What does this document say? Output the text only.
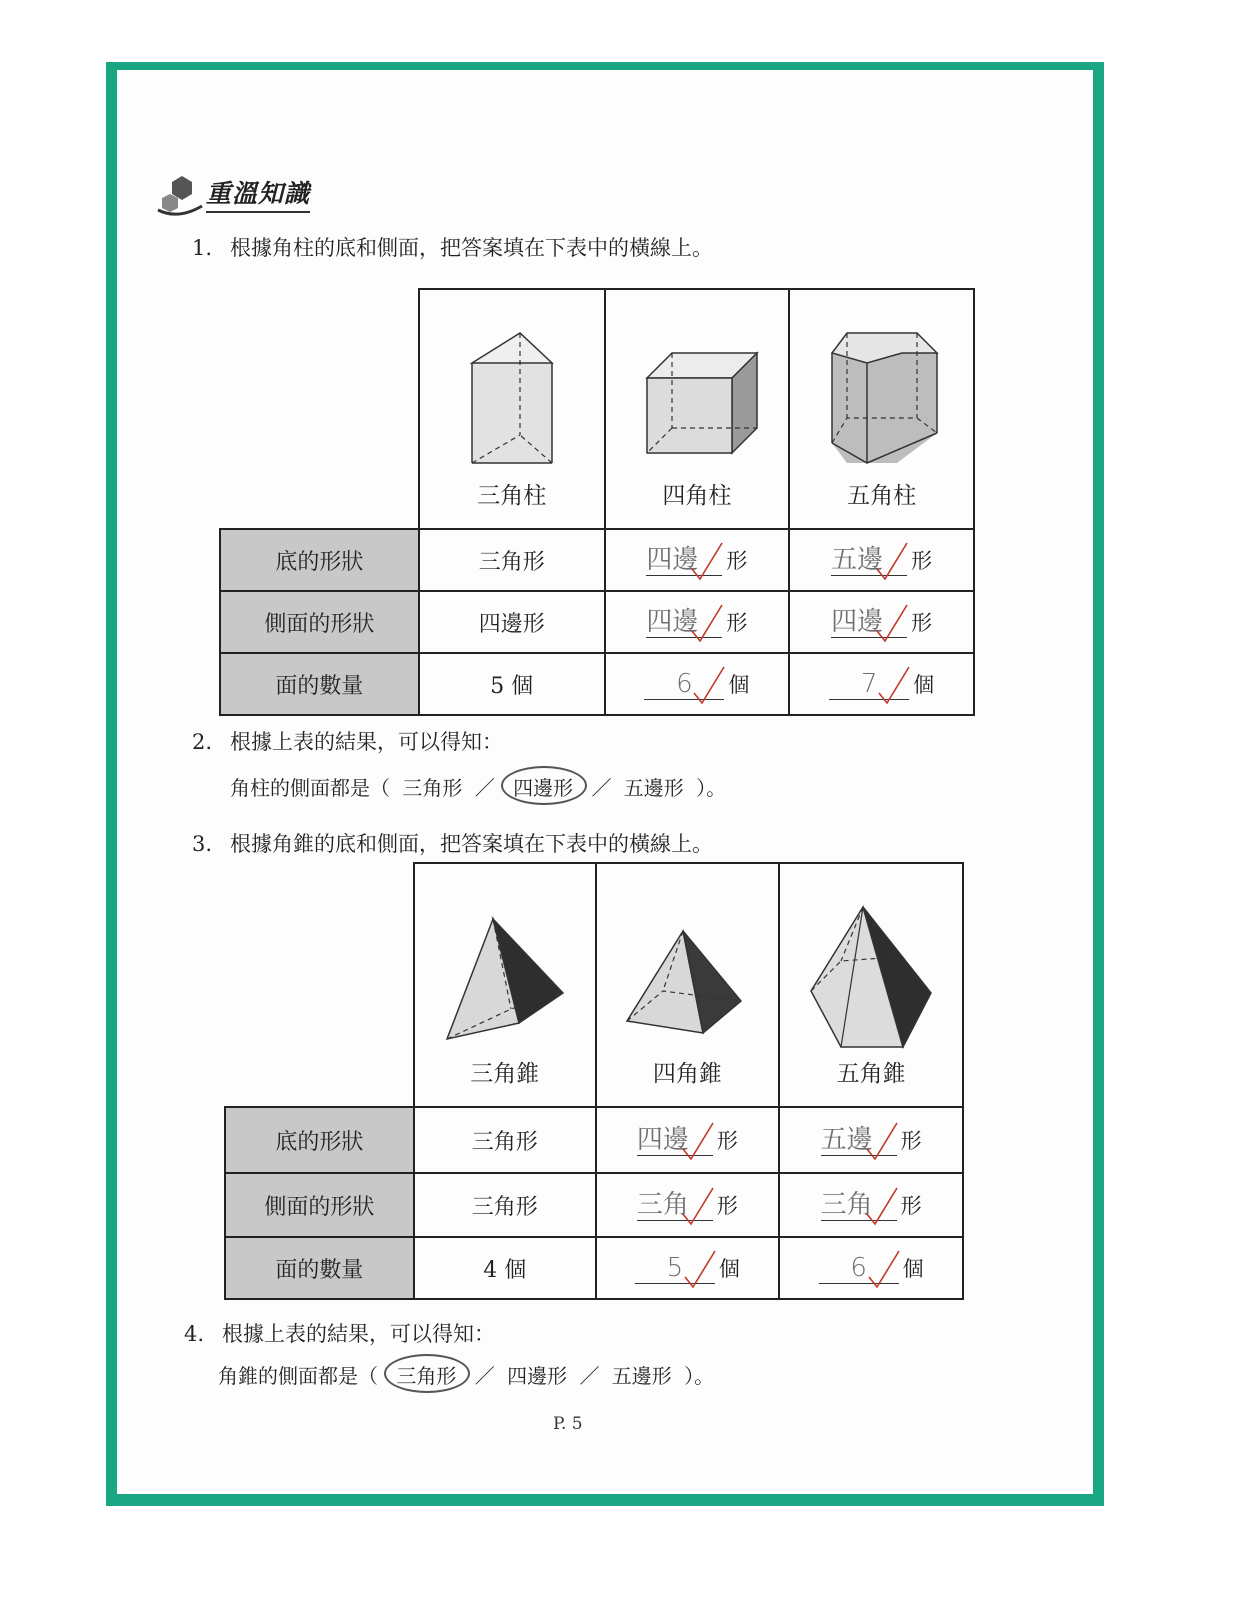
重溫知識
1. 根據角柱的底和側面，把答案填在下表中的橫線上。

	三角柱	四角柱	五角柱

底的形狀	三角形	四邊 形	五邊 形
側面的形狀	四邊形	四邊 形	四邊 形
面的數量	5 個	6 個	7 個
2. 根據上表的結果，可以得知：
角柱的側面都是（ 三角形 ／ 四邊形 ／ 五邊形 ）。
3. 根據角錐的底和側面，把答案填在下表中的橫線上。

	三角錐	四角錐	五角錐

底的形狀	三角形	四邊 形	五邊 形
側面的形狀	三角形	三角 形	三角 形
面的數量	4 個	5 個	6 個
4. 根據上表的結果，可以得知：
角錐的側面都是（ 三角形 ／ 四邊形 ／ 五邊形 ）。
P. 5
